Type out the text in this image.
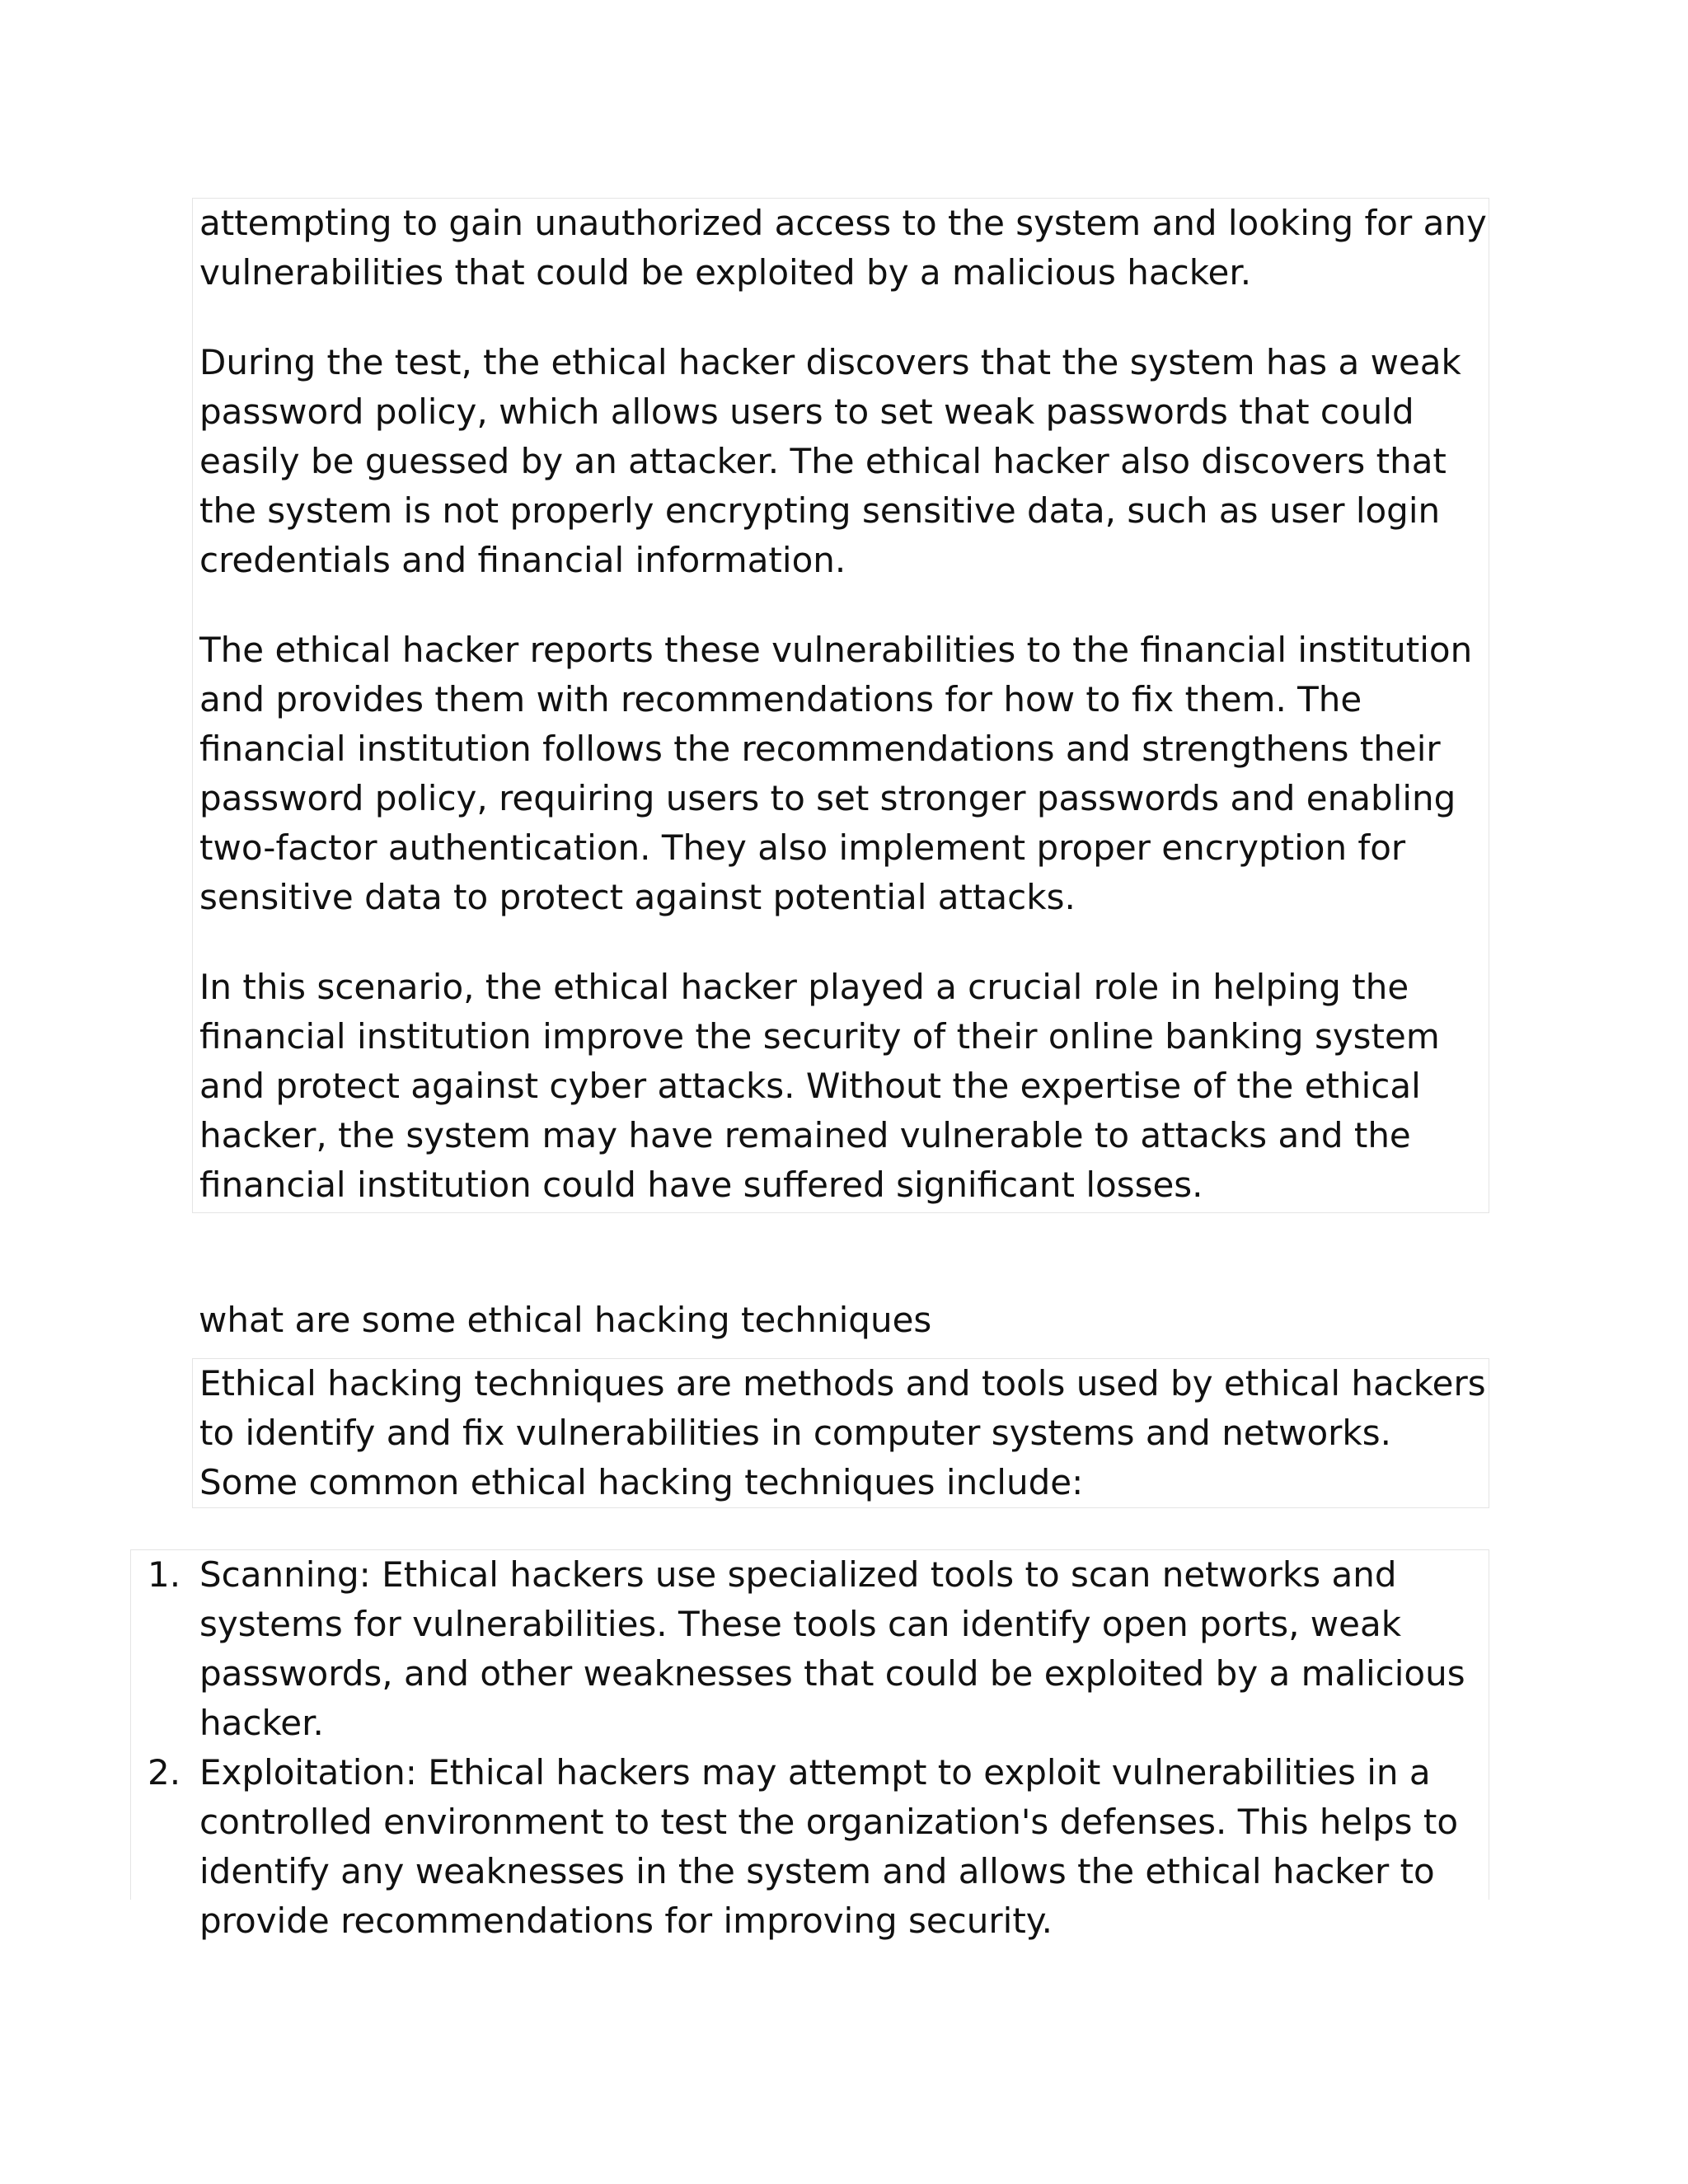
attempting to gain unauthorized access to the system and looking for any vulnerabilities that could be exploited by a malicious hacker.

During the test, the ethical hacker discovers that the system has a weak password policy, which allows users to set weak passwords that could easily be guessed by an attacker. The ethical hacker also discovers that the system is not properly encrypting sensitive data, such as user login credentials and financial information.

The ethical hacker reports these vulnerabilities to the financial institution and provides them with recommendations for how to fix them. The financial institution follows the recommendations and strengthens their password policy, requiring users to set stronger passwords and enabling two-factor authentication. They also implement proper encryption for sensitive data to protect against potential attacks.

In this scenario, the ethical hacker played a crucial role in helping the financial institution improve the security of their online banking system and protect against cyber attacks. Without the expertise of the ethical hacker, the system may have remained vulnerable to attacks and the financial institution could have suffered significant losses.

what are some ethical hacking techniques

Ethical hacking techniques are methods and tools used by ethical hackers to identify and fix vulnerabilities in computer systems and networks. Some common ethical hacking techniques include:

1. Scanning: Ethical hackers use specialized tools to scan networks and systems for vulnerabilities. These tools can identify open ports, weak passwords, and other weaknesses that could be exploited by a malicious hacker.
2. Exploitation: Ethical hackers may attempt to exploit vulnerabilities in a controlled environment to test the organization's defenses. This helps to identify any weaknesses in the system and allows the ethical hacker to provide recommendations for improving security.
